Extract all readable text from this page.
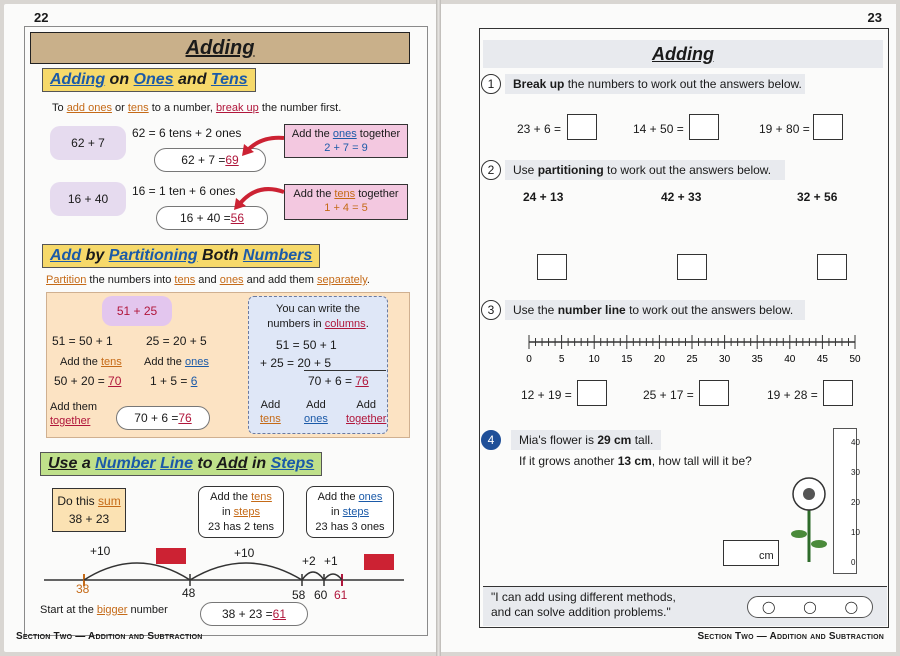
22
Adding
Adding on Ones and Tens
To add ones or tens to a number, break up the number first.
62 + 7
62 = 6 tens + 2 ones
62 + 7 = 69
Add the ones together
2 + 7 = 9
16 + 40
16 = 1 ten + 6 ones
16 + 40 = 56
Add the tens together
1 + 4 = 5
Add by Partitioning Both Numbers
Partition the numbers into tens and ones and add them separately.
51 + 25
51 = 50 + 1	25 = 20 + 5
Add the tens
50 + 20 = 70
Add the ones
1 + 5 = 6
Add them
together	70 + 6 = 76
You can write the
numbers in columns.
51 = 50 + 1
+ 25 = 20 + 5
70 + 6 = 76
Add
tens
Add
ones
Add
together
Use a Number Line to Add in Steps
Do this sum
38 + 23
Add the tens
in steps
23 has 2 tens
Add the ones
in steps
23 has 3 ones
+10	+10
+2 +1
38	48	58 60 61
Start at the bigger number	38 + 23 = 61
Section Two — Addition and Subtraction
23
Adding
1	Break up
the numbers to work out the answers below.
23 + 6 =	14 + 50 =	19 + 80 =
2	Use
partitioning
to work out the answers below.
24 + 13	42 + 33	32 + 56
3	Use the
number line
to work out the answers below.
0	5 10 15 20 25 30 35 40 45 50
12 + 19 =	25 + 17 =	19 + 28 =
4	Mia's flower is
29 cm
tall.
If it grows another 13 cm, how tall will it be?
cm
40
30
20
10
0
"I can add using different methods,
and can solve addition problems."	◯ ◯ ◯
Section Two — Addition and Subtraction
